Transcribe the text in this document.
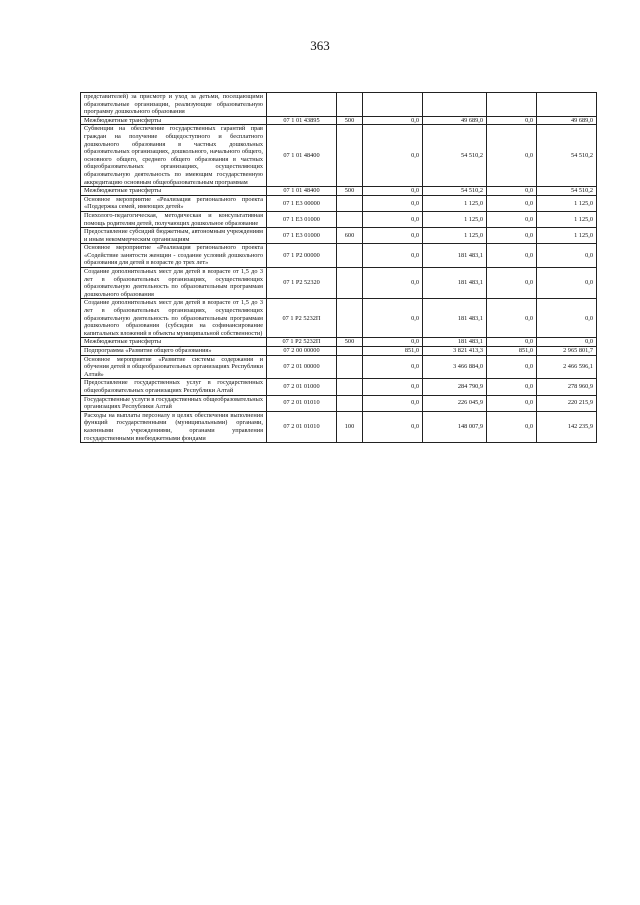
363
представителей) за присмотр и уход за детьми, посещающими образовательные организации, реализующие образовательную программу дошкольного образования						
Межбюджетные трансферты	07 1 01 43895	500	0,0	49 689,0	0,0	49 689,0
Субвенции на обеспечение государственных гарантий прав граждан на получение общедоступного и бесплатного дошкольного образования в частных дошкольных образовательных организациях, дошкольного, начального общего, основного общего, среднего общего образования в частных общеобразовательных организациях, осуществляющих образовательную деятельность по имеющим государственную аккредитацию основным общеобразовательным программам	07 1 01 48400		0,0	54 510,2	0,0	54 510,2
Межбюджетные трансферты	07 1 01 48400	500	0,0	54 510,2	0,0	54 510,2
Основное мероприятие «Реализация регионального проекта «Поддержка семей, имеющих детей»	07 1 E3 00000		0,0	1 125,0	0,0	1 125,0
Психолого-педагогическая, методическая и консультативная помощь родителям детей, получающих дошкольное образование	07 1 E3 01000		0,0	1 125,0	0,0	1 125,0
Предоставление субсидий бюджетным, автономным учреждениям и иным некоммерческим организациям	07 1 E3 01000	600	0,0	1 125,0	0,0	1 125,0
Основное мероприятие «Реализация регионального проекта «Содействие занятости женщин - создание условий дошкольного образования для детей в возрасте до трех лет»	07 1 P2 00000		0,0	181 483,1	0,0	0,0
Создание дополнительных мест для детей в возрасте от 1,5 до 3 лет в образовательных организациях, осуществляющих образовательную деятельность по образовательным программам дошкольного образования	07 1 P2 52320		0,0	181 483,1	0,0	0,0
Создание дополнительных мест для детей в возрасте от 1,5 до 3 лет в образовательных организациях, осуществляющих образовательную деятельность по образовательным программам дошкольного образования (субсидии на софинансирование капитальных вложений в объекты муниципальной собственности)	07 1 P2 5232П		0,0	181 483,1	0,0	0,0
Межбюджетные трансферты	07 1 P2 5232П	500	0,0	181 483,1	0,0	0,0
Подпрограмма «Развитие общего образования»	07 2 00 00000		851,0	3 821 413,3	851,0	2 965 801,7
Основное мероприятие «Развитие системы содержания и обучения детей в общеобразовательных организациях Республики Алтай»	07 2 01 00000		0,0	3 466 884,0	0,0	2 466 596,1
Предоставление государственных услуг в государственных общеобразовательных организациях Республики Алтай	07 2 01 01000		0,0	284 790,9	0,0	278 960,9
Государственные услуги в государственных общеобразовательных организациях Республики Алтай	07 2 01 01010		0,0	226 045,9	0,0	220 215,9
Расходы на выплаты персоналу в целях обеспечения выполнения функций государственными (муниципальными) органами, казенными учреждениями, органами управления государственными внебюджетными фондами	07 2 01 01010	100	0,0	148 007,9	0,0	142 235,9
